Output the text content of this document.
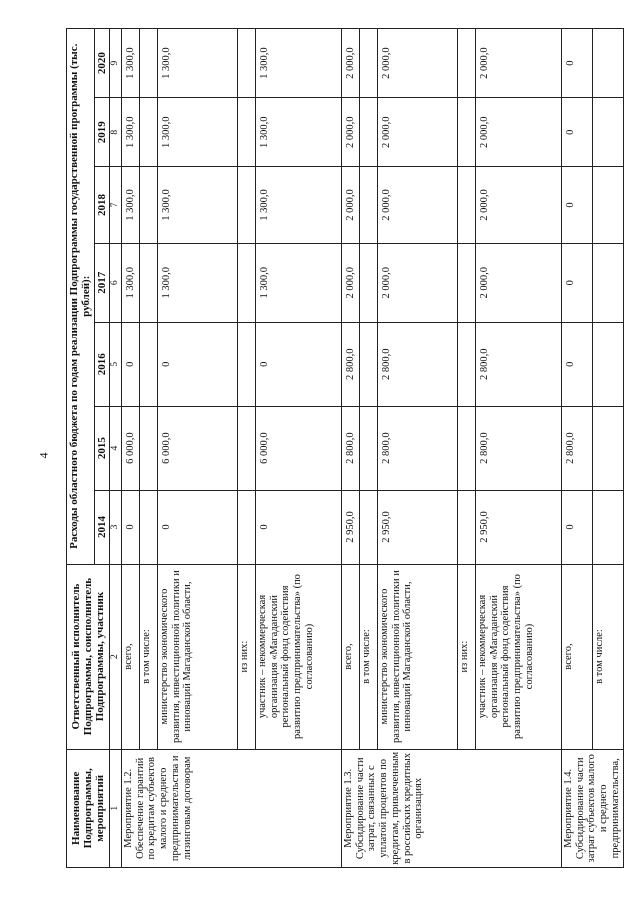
4
Наименование Подпрограммы, мероприятий	Ответственный исполнитель Подпрограммы, соисполнитель Подпрограммы, участник	Расходы областного бюджета по годам реализации Подпрограммы государственной программы (тыс. рублей):						
		2014	2015	2016	2017	2018	2019	2020
1	2	3	4	5	6	7	8	9
Мероприятие 1.2. Обеспечение гарантий по кредитам субъектов малого и среднего предпринимательства и лизинговым договорам	всего,	0	6 000,0	0	1 300,0	1 300,0	1 300,0	1 300,0
	в том числе:							
	министерство экономического развития, инвестиционной политики и инноваций Магаданской области,	0	6 000,0	0	1 300,0	1 300,0	1 300,0	1 300,0
	из них:							
	участник – некоммерческая организация «Магаданский региональный фонд содействия развитию предпринимательства» (по согласованию)	0	6 000,0	0	1 300,0	1 300,0	1 300,0	1 300,0
Мероприятие 1.3. Субсидирование части затрат, связанных с уплатой процентов по кредитам, привлеченным в российских кредитных организациях	всего,	2 950,0	2 800,0	2 800,0	2 000,0	2 000,0	2 000,0	2 000,0
	в том числе:							
	министерство экономического развития, инвестиционной политики и инноваций Магаданской области,	2 950,0	2 800,0	2 800,0	2 000,0	2 000,0	2 000,0	2 000,0
	из них:							
	участник – некоммерческая организация «Магаданский региональный фонд содействия развитию предпринимательства» (по согласованию)	2 950,0	2 800,0	2 800,0	2 000,0	2 000,0	2 000,0	2 000,0
Мероприятие 1.4. Субсидирование части затрат субъектов малого и среднего предпринимательства,	всего,	0	2 800,0	0	0	0	0	0
	в том числе:							
